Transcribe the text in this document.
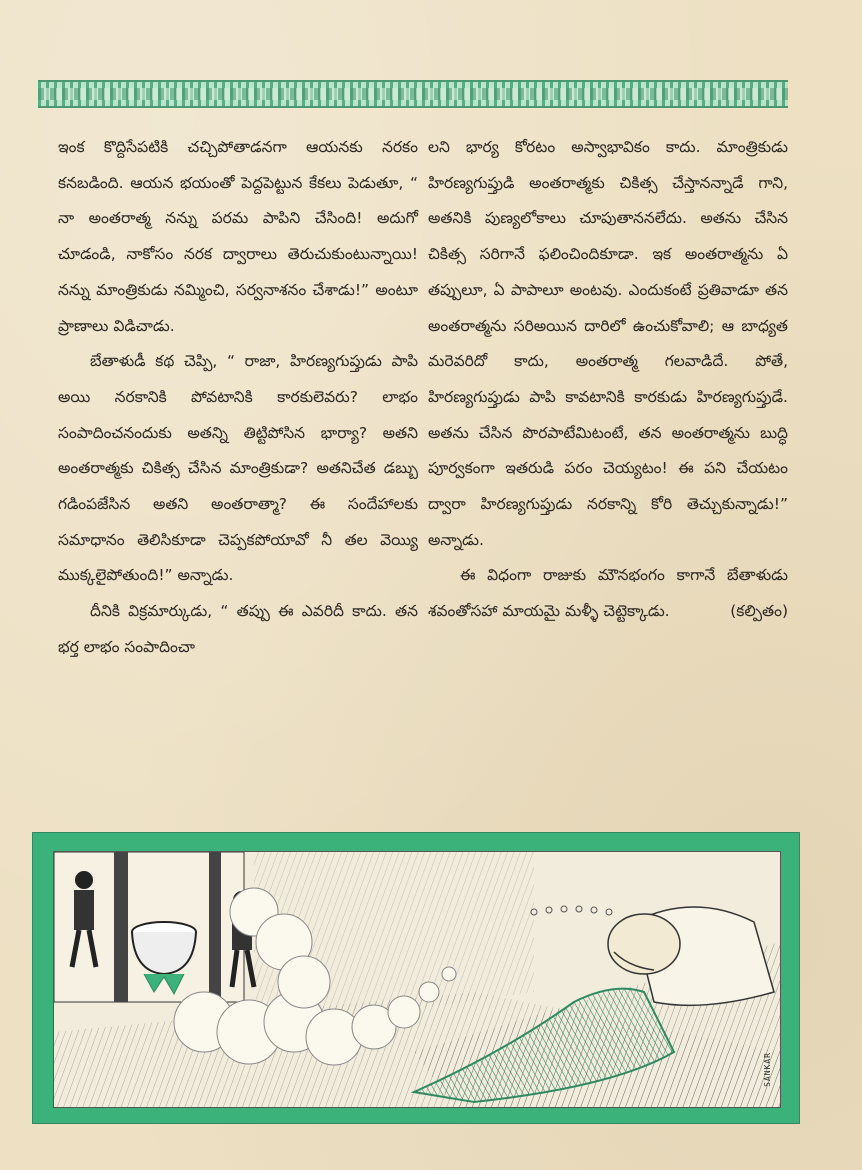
ఇంక కొద్దిసేపటికి చచ్చిపోతాడనగా ఆయనకు నరకం కనబడింది. ఆయన భయంతో పెద్దపెట్టున కేకలు పెడుతూ, “ నా అంతరాత్మ నన్ను పరమ పాపిని చేసింది! అదుగో చూడండి, నాకోసం నరక ద్వారాలు తెరుచుకుంటున్నాయి! నన్ను మాంత్రికుడు నమ్మించి, సర్వనాశనం చేశాడు!” అంటూ ప్రాణాలు విడిచాడు.

బేతాళుడీ కథ చెప్పి, “ రాజా, హిరణ్యగుప్తుడు పాపి అయి నరకానికి పోవటానికి కారకులెవరు? లాభం సంపాదించనందుకు అతన్ని తిట్టిపోసిన భార్యా? అతని అంతరాత్మకు చికిత్స చేసిన మాంత్రికుడా? అతనిచేత డబ్బు గడింపజేసిన అతని అంతరాత్మా? ఈ సందేహాలకు సమాధానం తెలిసికూడా చెప్పకపోయావో నీ తల వెయ్యి ముక్కలైపోతుంది!” అన్నాడు.

దీనికి విక్రమార్కుడు, “ తప్పు ఈ ఎవరిదీ కాదు. తన భర్త లాభం సంపాదించా

లని భార్య కోరటం అస్వాభావికం కాదు. మాంత్రికుడు హిరణ్యగుప్తుడి అంతరాత్మకు చికిత్స చేస్తానన్నాడే గాని, అతనికి పుణ్యలోకాలు చూపుతాననలేదు. అతను చేసిన చికిత్స సరిగానే ఫలించిందికూడా. ఇక అంతరాత్మను ఏ తప్పులూ, ఏ పాపాలూ అంటవు. ఎందుకంటే ప్రతివాడూ తన అంతరాత్మను సరిఅయిన దారిలో ఉంచుకోవాలి; ఆ బాధ్యత మరెవరిదో కాదు, అంతరాత్మ గలవాడిదే. పోతే, హిరణ్యగుప్తుడు పాపి కావటానికి కారకుడు హిరణ్యగుప్తుడే. అతను చేసిన పొరపాటేమిటంటే, తన అంతరాత్మను బుద్ధి పూర్వకంగా ఇతరుడి పరం చెయ్యటం! ఈ పని చేయటం ద్వారా హిరణ్యగుప్తుడు నరకాన్ని కోరి తెచ్చుకున్నాడు!” అన్నాడు.

ఈ విధంగా రాజుకు మౌనభంగం కాగానే బేతాళుడు శవంతోసహా మాయమై మళ్ళీ చెట్టెక్కాడు.	(కల్పితం)

SANKAR
